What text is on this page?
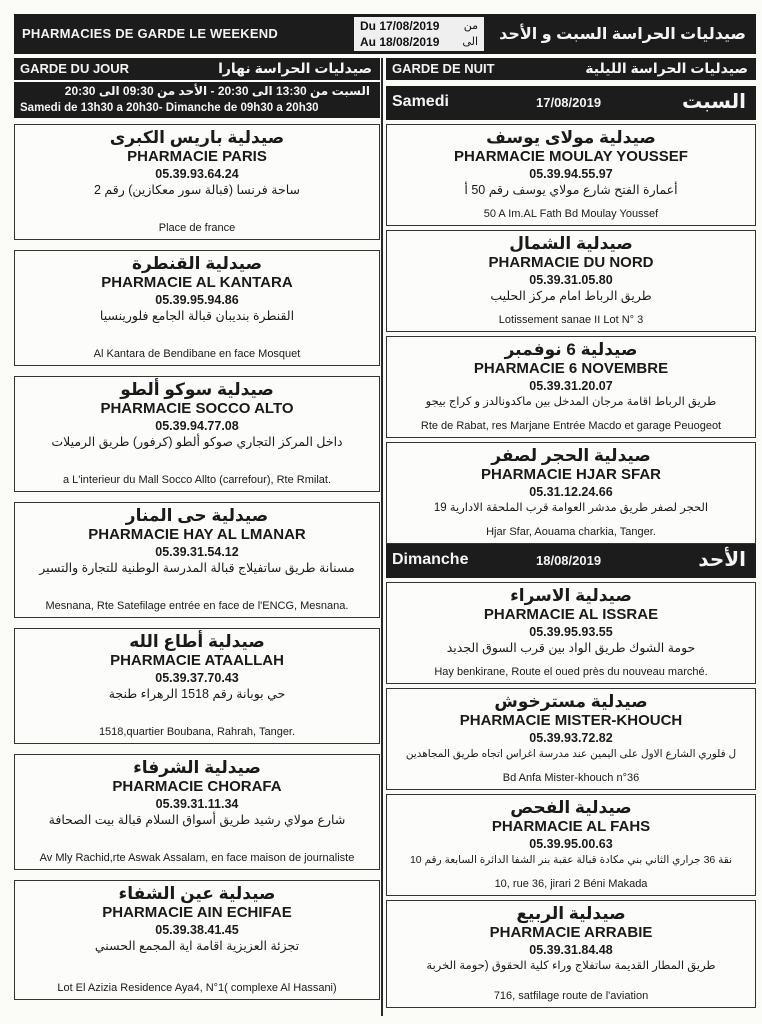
PHARMACIES DE GARDE LE WEEKEND	Du 17/08/2019
Au 18/08/2019
من
الى صيدليات الحراسة السبت و الأحد
GARDE DU JOUR	صيدليات الحراسة نهارا GARDE DE NUIT	صيدليات الحراسة الليلية
السبت من 13:30 الى 20:30 - الأحد من 09:30 الى 20:30
Samedi de 13h30 a 20h30- Dimanche de 09h30 a 20h30	Samedi	17/08/2019	السبت
Dimanche	18/08/2019	الأحد
صيدلية باريس الكبرى
PHARMACIE PARIS
05.39.93.64.24
ساحة فرنسا (قبالة سور معكازين) رقم 2
Place de france
صيدلية القنطرة
PHARMACIE AL KANTARA
05.39.95.94.86
القنطرة بنديبان قبالة الجامع فلورينسيا
Al Kantara de Bendibane en face Mosquet
صيدلية سوكو ألطو
PHARMACIE SOCCO ALTO
05.39.94.77.08
داخل المركز التجاري صوكو ألطو (كرفور) طريق الرميلات
a L'interieur du Mall Socco Allto (carrefour), Rte Rmilat.
صيدلية حى المنار
PHARMACIE HAY AL LMANAR
05.39.31.54.12
مسنانة طريق ساتفيلاج قبالة المدرسة الوطنية للتجارة والتسير
Mesnana, Rte Satefilage entrée en face de l'ENCG, Mesnana.
صيدلية أطاع الله
PHARMACIE ATAALLAH
05.39.37.70.43
حي بوبانة رقم 1518 الرهراء طنجة
1518,quartier Boubana, Rahrah, Tanger.
صيدلية الشرفاء
PHARMACIE CHORAFA
05.39.31.11.34
شارع مولاي رشيد طريق أسواق السلام قبالة بيت الصحافة
Av Mly Rachid,rte Aswak Assalam, en face maison de journaliste
صيدلية عين الشفاء
PHARMACIE AIN ECHIFAE
05.39.38.41.45
تجزئة العزيزية اقامة اية المجمع الحسني
Lot El Azizia Residence Aya4, N°1( complexe Al Hassani)
صيدلية مولاى يوسف
PHARMACIE MOULAY YOUSSEF
05.39.94.55.97
أعمارة الفتح شارع مولاي يوسف رقم 50 أ
50 A Im.AL Fath Bd Moulay Youssef
صيدلية الشمال
PHARMACIE DU NORD
05.39.31.05.80
طريق الرباط امام مركز الحليب
Lotissement sanae II Lot N° 3
صيدلية 6 نوفمبر
PHARMACIE 6 NOVEMBRE
05.39.31.20.07
طريق الرباط اقامة مرجان المدخل بين ماكدونالدز و كراج بيجو
Rte de Rabat, res Marjane Entrée Macdo et garage Peuogeot
صيدلية الحجر لصفر
PHARMACIE HJAR SFAR
05.31.12.24.66
الحجر لصفر طريق مدشر العوامة قرب الملحقة الادارية 19
Hjar Sfar, Aouama charkia, Tanger.
صيدلية الاسراء
PHARMACIE AL ISSRAE
05.39.95.93.55
حومة الشوك طريق الواد بين قرب السوق الجديد
Hay benkirane, Route el oued près du nouveau marché.
صيدلية مسترخوش
PHARMACIE MISTER-KHOUCH
05.39.93.72.82
ل فلوري الشارع الاول على اليمين عند مدرسة اغراس اتجاه طريق المجاهدين
Bd Anfa Mister-khouch n°36
صيدلية الفحص
PHARMACIE AL FAHS
05.39.95.00.63
نقة 36 جراري الثاني بني مكادة قبالة عقبة بنر الشفا الدائرة السابعة رقم 10
10, rue 36, jirari 2 Béni Makada
صيدلية الربيع
PHARMACIE ARRABIE
05.39.31.84.48
طريق المطار القديمة ساتفلاج وراء كلية الحقوق (حومة الخربة
716, satfilage route de l'aviation
